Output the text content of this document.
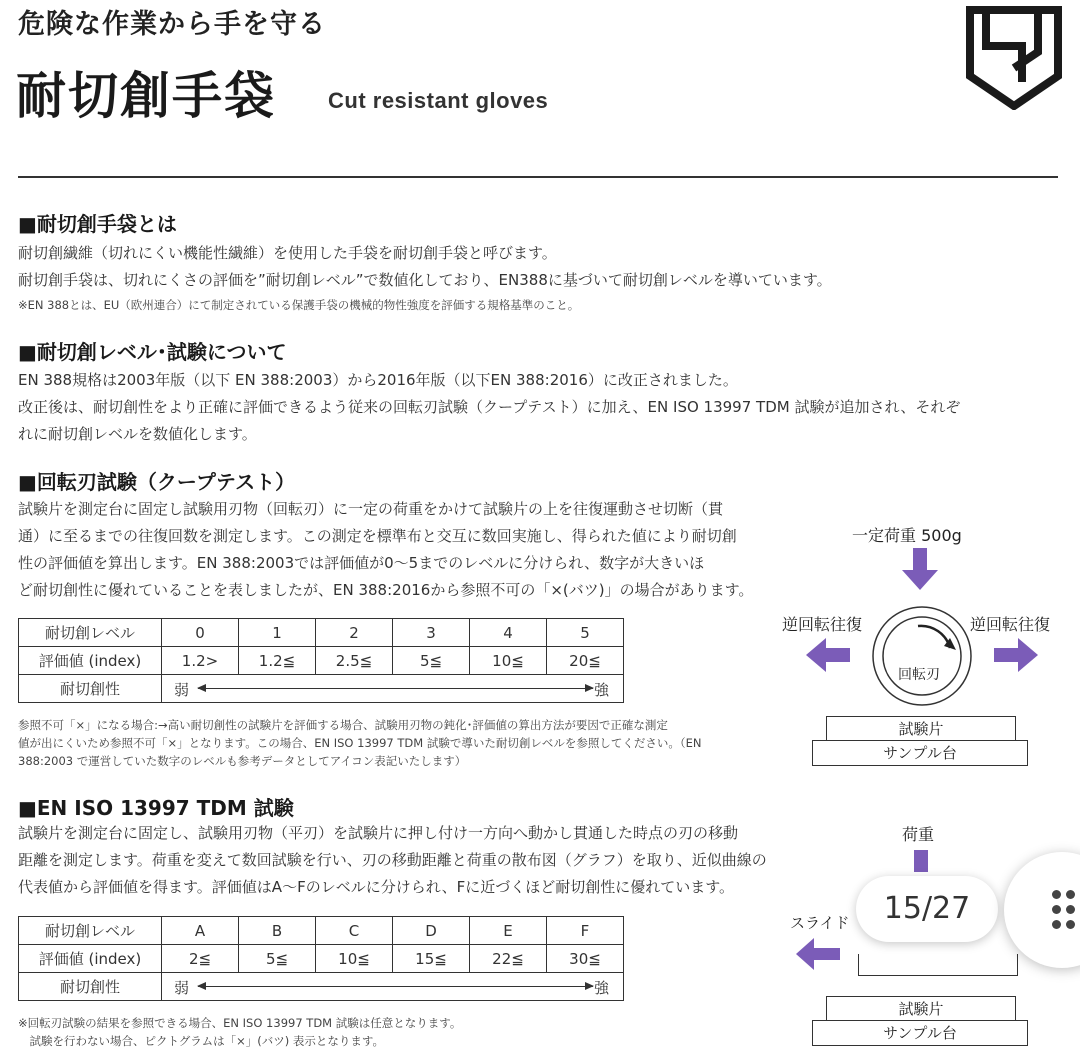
危険な作業から手を守る
耐切創手袋 Cut resistant gloves
■耐切創手袋とは
耐切創繊維（切れにくい機能性繊維）を使用した手袋を耐切創手袋と呼びます。
耐切創手袋は、切れにくさの評価を”耐切創レベル”で数値化しており、EN388に基づいて耐切創レベルを導いています。
※EN 388とは、EU（欧州連合）にて制定されている保護手袋の機械的物性強度を評価する規格基準のこと。
■耐切創レベル･試験について
EN 388規格は2003年版（以下 EN 388:2003）から2016年版（以下EN 388:2016）に改正されました。
改正後は、耐切創性をより正確に評価できるよう従来の回転刃試験（クープテスト）に加え、EN ISO 13997 TDM 試験が追加され、それぞ
れに耐切創レベルを数値化します。
■回転刃試験（クープテスト）
試験片を測定台に固定し試験用刃物（回転刃）に一定の荷重をかけて試験片の上を往復運動させ切断（貫
通）に至るまでの往復回数を測定します。この測定を標準布と交互に数回実施し、得られた値により耐切創
性の評価値を算出します。EN 388:2003では評価値が0〜5までのレベルに分けられ、数字が大きいほ
ど耐切創性に優れていることを表しましたが、EN 388:2016から参照不可の「×(バツ)」の場合があります。
耐切創レベル	0	1	2	3	4	5
評価値 (index)	1.2>	1.2≦	2.5≦	5≦	10≦	20≦
耐切創性	弱 強					
参照不可「×」になる場合:→高い耐切創性の試験片を評価する場合、試験用刃物の鈍化･評価値の算出方法が要因で正確な測定
値が出にくいため参照不可「×」となります。この場合、EN ISO 13997 TDM 試験で導いた耐切創レベルを参照してください。（EN
388:2003 で運営していた数字のレベルも参考データとしてアイコン表記いたします）
一定荷重 500g
逆回転往復	逆回転往復
回転刃
試験片
サンプル台
■EN ISO 13997 TDM 試験
試験片を測定台に固定し、試験用刃物（平刃）を試験片に押し付け一方向へ動かし貫通した時点の刃の移動
距離を測定します。荷重を変えて数回試験を行い、刃の移動距離と荷重の散布図（グラフ）を取り、近似曲線の
代表値から評価値を得ます。評価値はA〜Fのレベルに分けられ、Fに近づくほど耐切創性に優れています。
耐切創レベル	A	B	C	D	E	F
評価値 (index)	2≦	5≦	10≦	15≦	22≦	30≦
耐切創性	弱 強					
※回転刃試験の結果を参照できる場合、EN ISO 13997 TDM 試験は任意となります。
　試験を行わない場合、ピクトグラムは「×」(バツ) 表示となります。
荷重
スライド
試験片
サンプル台
15/27
